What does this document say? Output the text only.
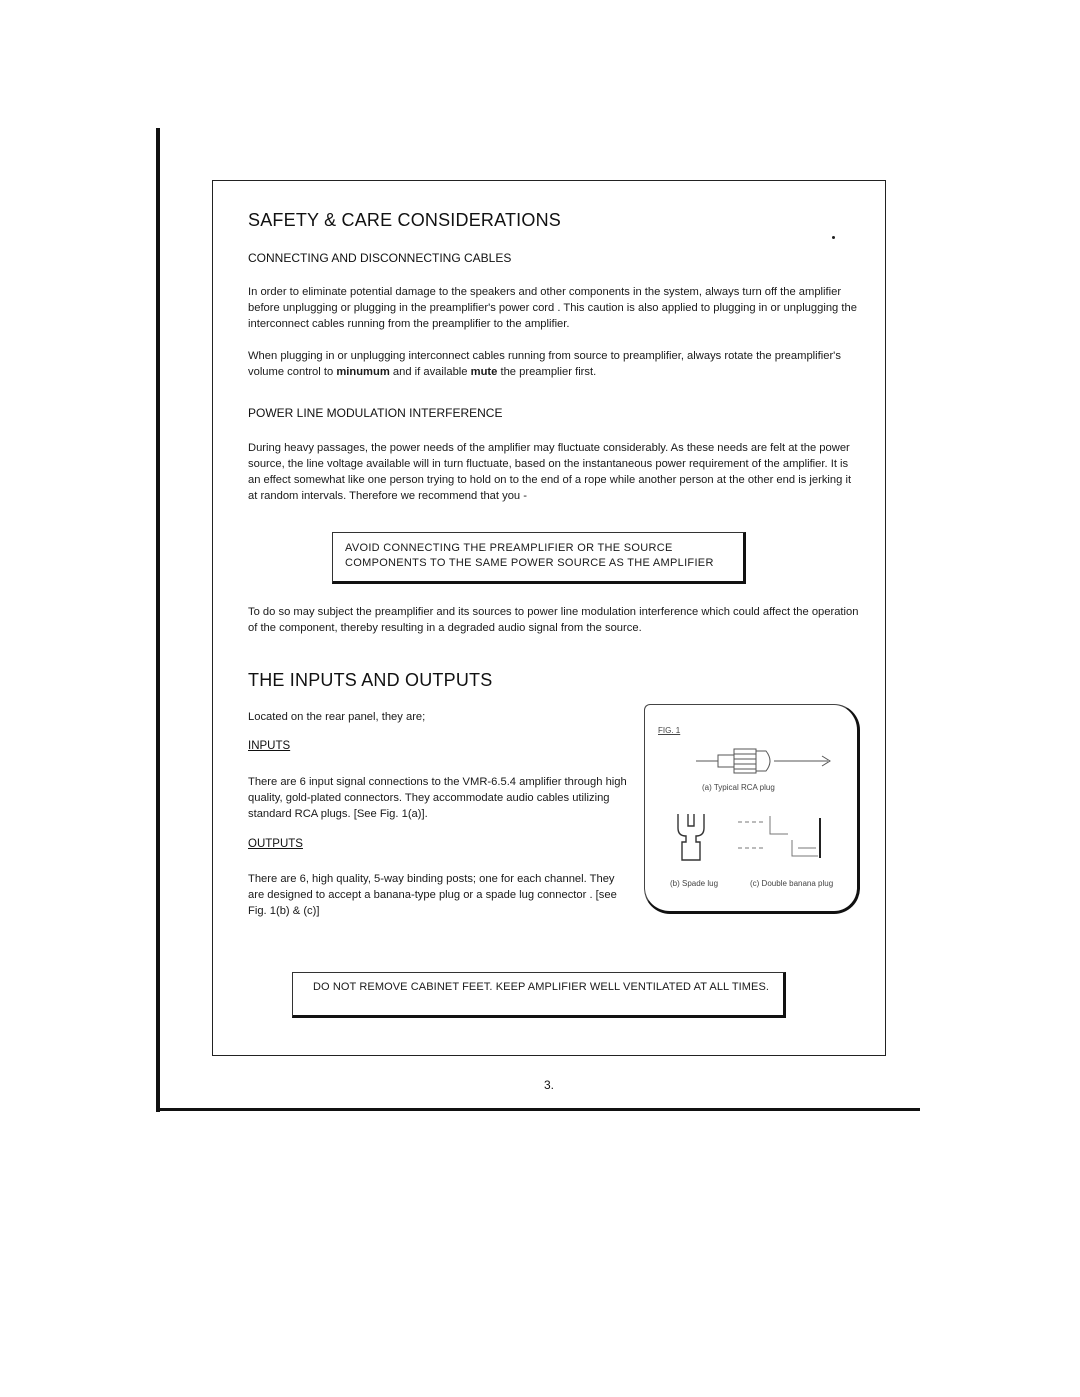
SAFETY & CARE CONSIDERATIONS
CONNECTING AND DISCONNECTING CABLES
In order to eliminate potential damage to the speakers and other components in the system, always turn off the amplifier before unplugging or plugging in the preamplifier's power cord . This caution is also applied to plugging in or unplugging the interconnect cables running from the preamplifier to the amplifier.
When plugging in or unplugging interconnect cables running from source to preamplifier, always rotate the preamplifier's volume control to minumum and if available mute the preamplier first.
POWER LINE MODULATION INTERFERENCE
During heavy passages, the power needs of the amplifier may fluctuate considerably. As these needs are felt at the power source, the line voltage available will in turn fluctuate, based on the instantaneous power requirement of the amplifier. It is an effect somewhat like one person trying to hold on to the end of a rope while another person at the other end is jerking it at random intervals. Therefore we recommend that you -
AVOID CONNECTING THE PREAMPLIFIER OR THE SOURCE
COMPONENTS TO THE SAME POWER SOURCE AS THE AMPLIFIER
To do so may subject the preamplifier and its sources to power line modulation interference which could affect the operation of the component, thereby resulting in a degraded audio signal from the source.
THE INPUTS AND OUTPUTS
Located on the rear panel, they are;
INPUTS
There are 6 input signal connections to the VMR-6.5.4 amplifier through high quality, gold-plated connectors. They accommodate audio cables utilizing standard RCA plugs. [See Fig. 1(a)].
OUTPUTS
There are 6, high quality, 5-way binding posts; one for each channel. They are designed to accept a banana-type plug or a spade lug connector . [see Fig. 1(b) & (c)]
FIG. 1
(a) Typical RCA plug
(b) Spade lug	(c) Double banana plug
DO NOT REMOVE CABINET FEET. KEEP AMPLIFIER WELL VENTILATED AT ALL TIMES.
3.
